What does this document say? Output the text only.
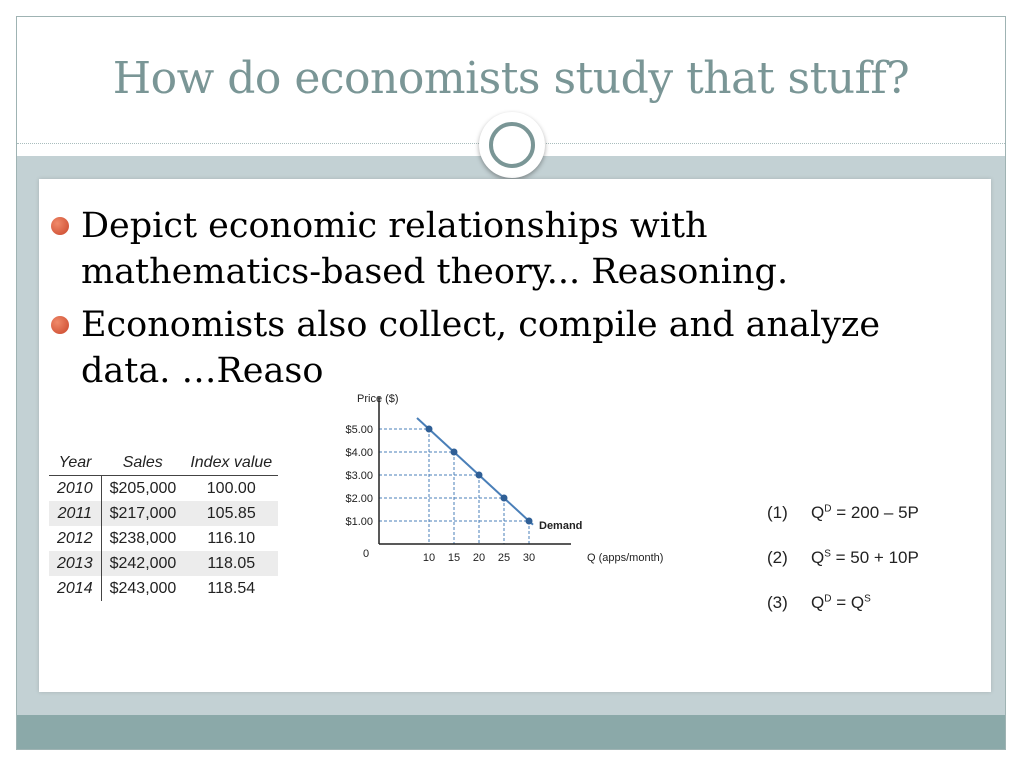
How do economists study that stuff?
Depict economic relationships with mathematics-based theory... Reasoning.
Economists also collect, compile and analyze data. …Reaso
Year	Sales	Index value
2010	$205,000	100.00
2011	$217,000	105.85
2012	$238,000	116.10
2013	$242,000	118.05
2014	$243,000	118.54
$1.00
$2.00
$3.00
$4.00
$5.00
10 15 20 25 30
0
Price ($)
Q (apps/month)
Demand
(1) $Q^D = 200 - 5P$
(2) $Q^S = 50 + 10P$
(3) $Q^D = Q^S$
